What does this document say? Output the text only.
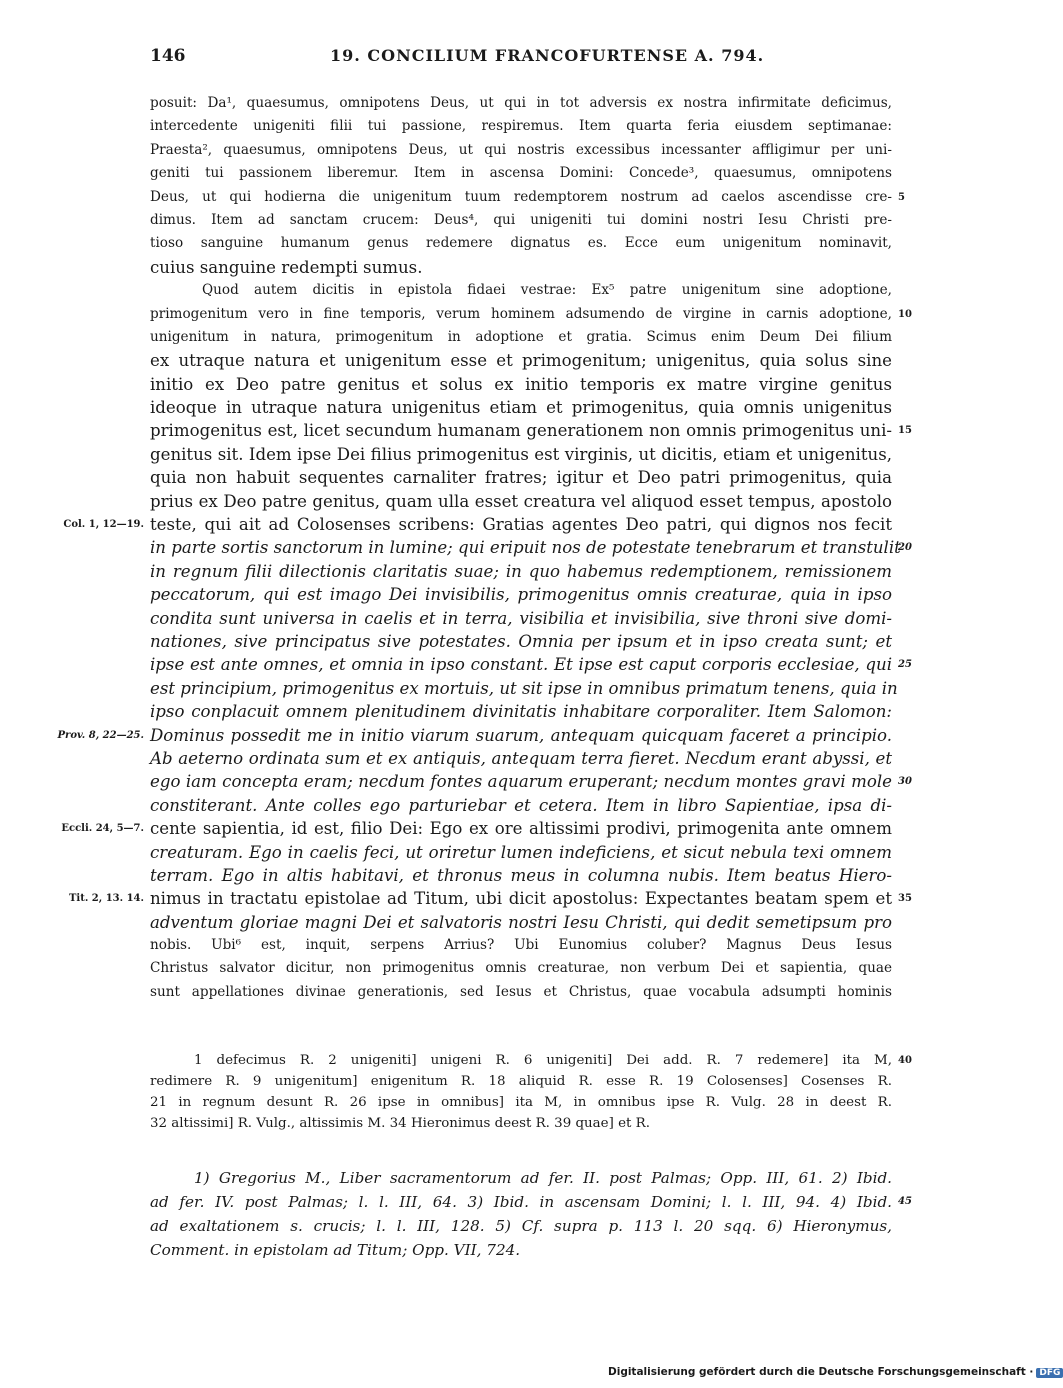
146	19. CONCILIUM FRANCOFURTENSE A. 794.
posuit: Da¹, quaesumus, omnipotens Deus, ut qui in tot adversis ex nostra infirmitate deficimus,
intercedente unigeniti filii tui passione, respiremus. Item quarta feria eiusdem septimanae:
Praesta², quaesumus, omnipotens Deus, ut qui nostris excessibus incessanter affligimur per uni-
geniti tui passionem liberemur. Item in ascensa Domini: Concede³, quaesumus, omnipotens
Deus, ut qui hodierna die unigenitum tuum redemptorem nostrum ad caelos ascendisse cre- 5
dimus. Item ad sanctam crucem: Deus⁴, qui unigeniti tui domini nostri Iesu Christi pre-
tioso sanguine humanum genus redemere dignatus es. Ecce eum unigenitum nominavit,
cuius sanguine redempti sumus.
Quod autem dicitis in epistola fidaei vestrae: Ex⁵ patre unigenitum sine adoptione,
primogenitum vero in fine temporis, verum hominem adsumendo de virgine in carnis adoptione, 10
unigenitum in natura, primogenitum in adoptione et gratia. Scimus enim Deum Dei filium
ex utraque natura et unigenitum esse et primogenitum; unigenitus, quia solus sine
initio ex Deo patre genitus et solus ex initio temporis ex matre virgine genitus
ideoque in utraque natura unigenitus etiam et primogenitus, quia omnis unigenitus
primogenitus est, licet secundum humanam generationem non omnis primogenitus uni- 15
genitus sit. Idem ipse Dei filius primogenitus est virginis, ut dicitis, etiam et unigenitus,
quia non habuit sequentes carnaliter fratres; igitur et Deo patri primogenitus, quia
prius ex Deo patre genitus, quam ulla esset creatura vel aliquod esset tempus, apostolo
teste, qui ait ad Colosenses scribens: Gratias agentes Deo patri, qui dignos nos fecit
Col. 1, 12—19.
in parte sortis sanctorum in lumine; qui eripuit nos de potestate tenebrarum et transtulit
20
in regnum filii dilectionis claritatis suae; in quo habemus redemptionem, remissionem
peccatorum, qui est imago Dei invisibilis, primogenitus omnis creaturae, quia in ipso
condita sunt universa in caelis et in terra, visibilia et invisibilia, sive throni sive domi-
nationes, sive principatus sive potestates. Omnia per ipsum et in ipso creata sunt; et
ipse est ante omnes, et omnia in ipso constant. Et ipse est caput corporis ecclesiae, qui 25
est principium, primogenitus ex mortuis, ut sit ipse in omnibus primatum tenens, quia in
ipso conplacuit omnem plenitudinem divinitatis inhabitare corporaliter. Item Salomon:
Dominus possedit me in initio viarum suarum, antequam quicquam faceret a principio.
Prov. 8, 22—25.
Ab aeterno ordinata sum et ex antiquis, antequam terra fieret. Necdum erant abyssi, et
ego iam concepta eram; necdum fontes aquarum eruperant; necdum montes gravi mole 30
constiterant. Ante colles ego parturiebar et cetera. Item in libro Sapientiae, ipsa di-
cente sapientia, id est, filio Dei: Ego ex ore altissimi prodivi, primogenita ante omnem
Eccli. 24, 5—7.
creaturam. Ego in caelis feci, ut oriretur lumen indeficiens, et sicut nebula texi omnem
terram. Ego in altis habitavi, et thronus meus in columna nubis. Item beatus Hiero-
nimus in tractatu epistolae ad Titum, ubi dicit apostolus: Expectantes beatam spem et 35
Tit. 2, 13. 14.
adventum gloriae magni Dei et salvatoris nostri Iesu Christi, qui dedit semetipsum pro
nobis. Ubi⁶ est, inquit, serpens Arrius? Ubi Eunomius coluber? Magnus Deus Iesus
Christus salvator dicitur, non primogenitus omnis creaturae, non verbum Dei et sapientia, quae
sunt appellationes divinae generationis, sed Iesus et Christus, quae vocabula adsumpti hominis
1 defecimus R. 2 unigeniti] unigeni R. 6 unigeniti] Dei add. R. 7 redemere] ita M, 40
redimere R. 9 unigenitum] enigenitum R. 18 aliquid R. esse R. 19 Colosenses] Cosenses R.
21 in regnum desunt R. 26 ipse in omnibus] ita M, in omnibus ipse R. Vulg. 28 in deest R.
32 altissimi] R. Vulg., altissimis M. 34 Hieronimus deest R. 39 quae] et R.
1) Gregorius M., Liber sacramentorum ad fer. II. post Palmas; Opp. III, 61. 2) Ibid.
ad fer. IV. post Palmas; l. l. III, 64. 3) Ibid. in ascensam Domini; l. l. III, 94. 4) Ibid. 45
ad exaltationem s. crucis; l. l. III, 128. 5) Cf. supra p. 113 l. 20 sqq. 6) Hieronymus,
Comment. in epistolam ad Titum; Opp. VII, 724.
Digitalisierung gefördert durch die Deutsche Forschungsgemeinschaft · DFG
